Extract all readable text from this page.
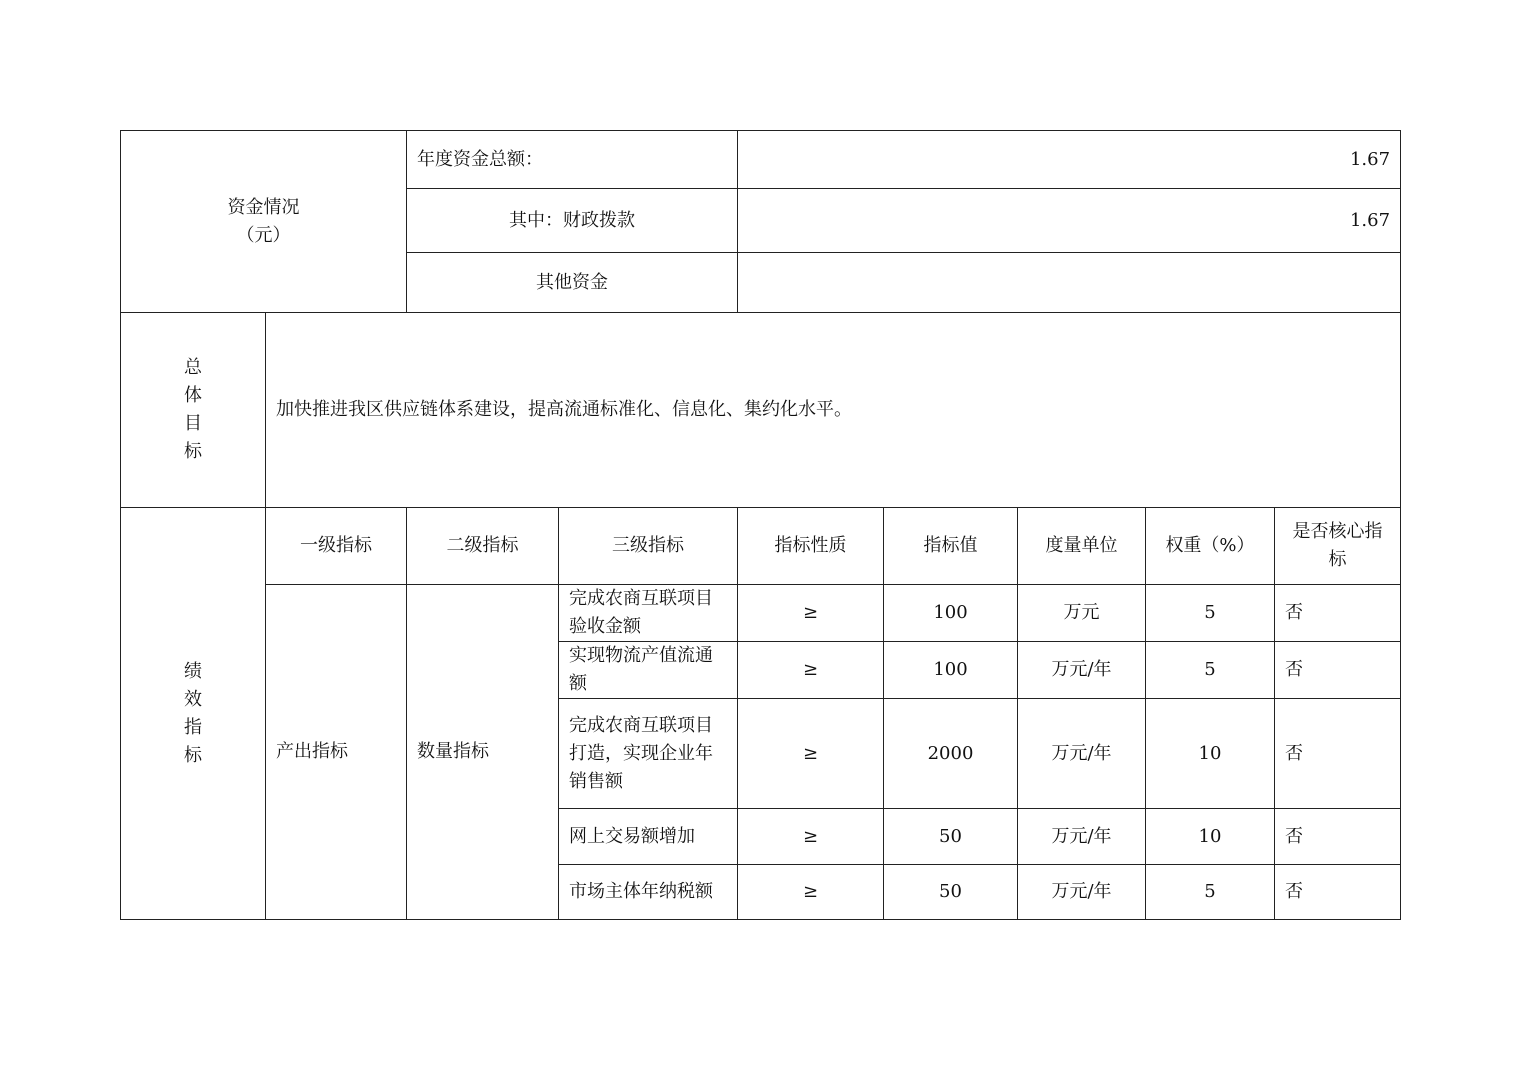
资金情况
（元）		年度资金总额：		1.67				
		其中：财政拨款		1.67				
		其他资金						

总
体
目
标	加快推进我区供应链体系建设，提高流通标准化、信息化、集约化水平。							

绩
效
指
标	一级指标	二级指标	三级指标	指标性质	指标值	度量单位	权重（%）	是否核心指标
	产出指标	数量指标	完成农商互联项目验收金额	≥	100	万元	5	否
			实现物流产值流通额	≥	100	万元/年	5	否
			完成农商互联项目打造，实现企业年销售额	≥	2000	万元/年	10	否
			网上交易额增加	≥	50	万元/年	10	否
			市场主体年纳税额	≥	50	万元/年	5	否
